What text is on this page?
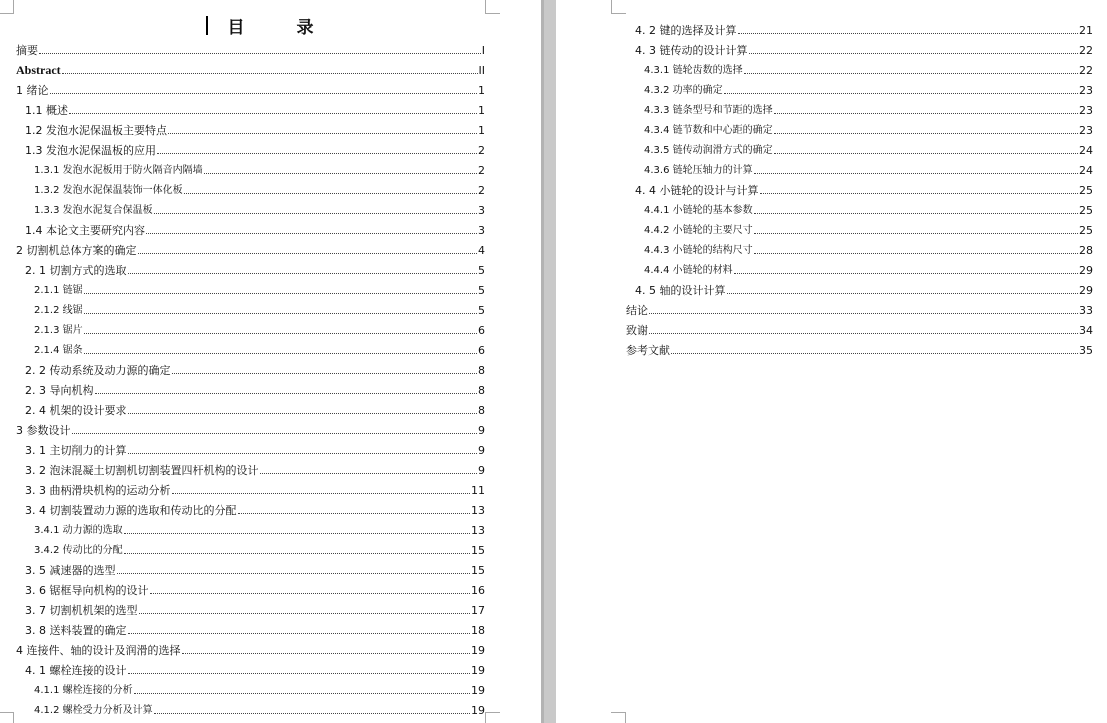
目	录
摘要	I
Abstract	II
1 绪论	1
1.1 概述	1
1.2 发泡水泥保温板主要特点	1
1.3 发泡水泥保温板的应用	2
1.3.1 发泡水泥板用于防火隔音内隔墙	2
1.3.2 发泡水泥保温装饰一体化板	2
1.3.3 发泡水泥复合保温板	3
1.4 本论文主要研究内容	3
2 切割机总体方案的确定	4
2. 1 切割方式的选取	5
2.1.1 链锯	5
2.1.2 线锯	5
2.1.3 锯片	6
2.1.4 锯条	6
2. 2 传动系统及动力源的确定	8
2. 3 导向机构	8
2. 4 机架的设计要求	8
3 参数设计	9
3. 1 主切削力的计算	9
3. 2 泡沫混凝土切割机切割装置四杆机构的设计	9
3. 3 曲柄滑块机构的运动分析	11
3. 4 切割装置动力源的选取和传动比的分配	13
3.4.1 动力源的选取	13
3.4.2 传动比的分配	15
3. 5 减速器的选型	15
3. 6 锯框导向机构的设计	16
3. 7 切割机机架的选型	17
3. 8 送料装置的确定	18
4 连接件、轴的设计及润滑的选择	19
4. 1 螺栓连接的设计	19
4.1.1 螺栓连接的分析	19
4.1.2 螺栓受力分析及计算	19
4. 2 键的选择及计算	21
4. 3 链传动的设计计算	22
4.3.1 链轮齿数的选择	22
4.3.2 功率的确定	23
4.3.3 链条型号和节距的选择	23
4.3.4 链节数和中心距的确定	23
4.3.5 链传动润滑方式的确定	24
4.3.6 链轮压轴力的计算	24
4. 4 小链轮的设计与计算	25
4.4.1 小链轮的基本参数	25
4.4.2 小链轮的主要尺寸	25
4.4.3 小链轮的结构尺寸	28
4.4.4 小链轮的材料	29
4. 5 轴的设计计算	29
结论	33
致谢	34
参考文献	35
